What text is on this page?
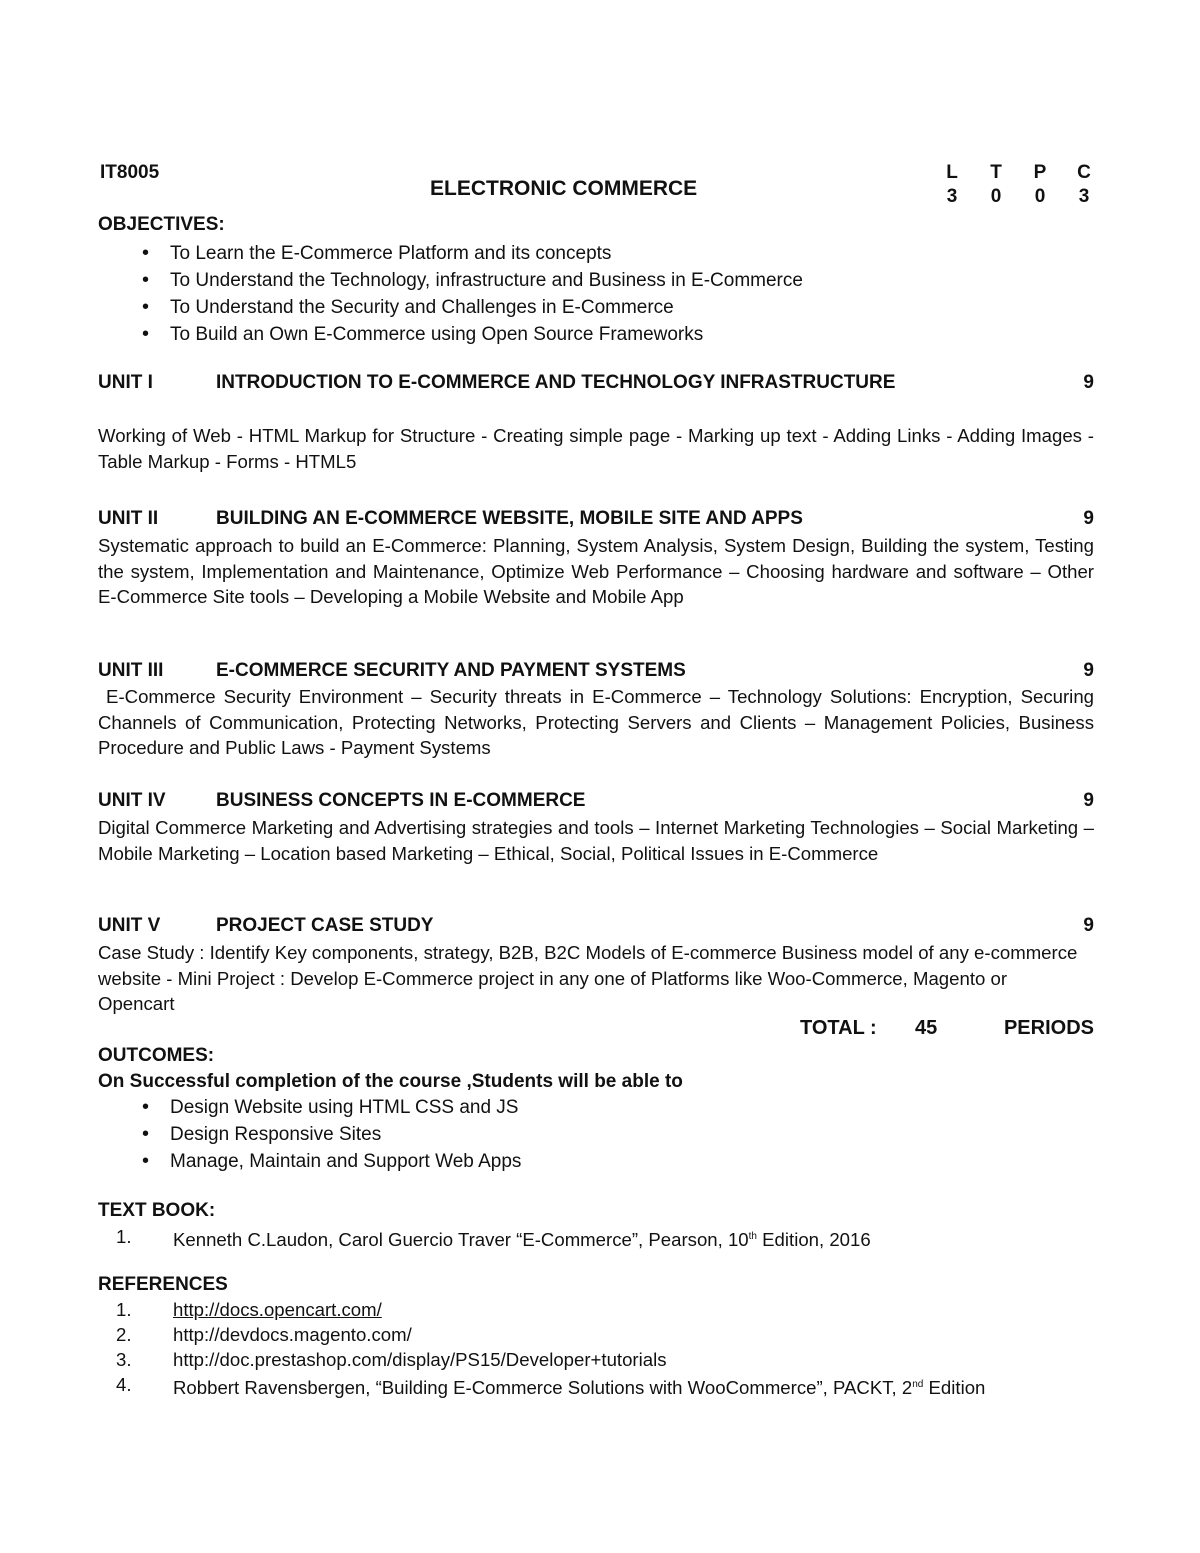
IT8005
ELECTRONIC COMMERCE
L	T	P	C
3	0	0	3
OBJECTIVES:
• To Learn the E-Commerce Platform and its concepts
• To Understand the Technology, infrastructure and Business in E-Commerce
• To Understand the Security and Challenges in E-Commerce
• To Build an Own E-Commerce using Open Source Frameworks
UNIT I	INTRODUCTION TO E-COMMERCE AND TECHNOLOGY INFRASTRUCTURE	9
Working of Web - HTML Markup for Structure - Creating simple page - Marking up text - Adding Links - Adding Images - Table Markup - Forms - HTML5
UNIT II	BUILDING AN E-COMMERCE WEBSITE, MOBILE SITE AND APPS	9
Systematic approach to build an E-Commerce: Planning, System Analysis, System Design, Building the system, Testing the system, Implementation and Maintenance, Optimize Web Performance – Choosing hardware and software – Other E-Commerce Site tools – Developing a Mobile Website and Mobile App
UNIT III	E-COMMERCE SECURITY AND PAYMENT SYSTEMS	9
E-Commerce Security Environment – Security threats in E-Commerce – Technology Solutions: Encryption, Securing Channels of Communication, Protecting Networks, Protecting Servers and Clients – Management Policies, Business Procedure and Public Laws - Payment Systems
UNIT IV	BUSINESS CONCEPTS IN E-COMMERCE	9
Digital Commerce Marketing and Advertising strategies and tools – Internet Marketing Technologies – Social Marketing – Mobile Marketing – Location based Marketing – Ethical, Social, Political Issues in E-Commerce
UNIT V	PROJECT CASE STUDY	9
Case Study : Identify Key components, strategy, B2B, B2C Models of E-commerce Business model of any e-commerce website - Mini Project : Develop E-Commerce project in any one of Platforms like Woo-Commerce, Magento or Opencart
TOTAL :	45	PERIODS
OUTCOMES:
On Successful completion of the course ,Students will be able to
• Design Website using HTML CSS and JS
• Design Responsive Sites
• Manage, Maintain and Support Web Apps
TEXT BOOK:
1.	Kenneth C.Laudon, Carol Guercio Traver “E-Commerce”, Pearson, 10th Edition, 2016
REFERENCES
1.	http://docs.opencart.com/
2.	http://devdocs.magento.com/
3.	http://doc.prestashop.com/display/PS15/Developer+tutorials
4.	Robbert Ravensbergen, “Building E-Commerce Solutions with WooCommerce”, PACKT, 2nd Edition
